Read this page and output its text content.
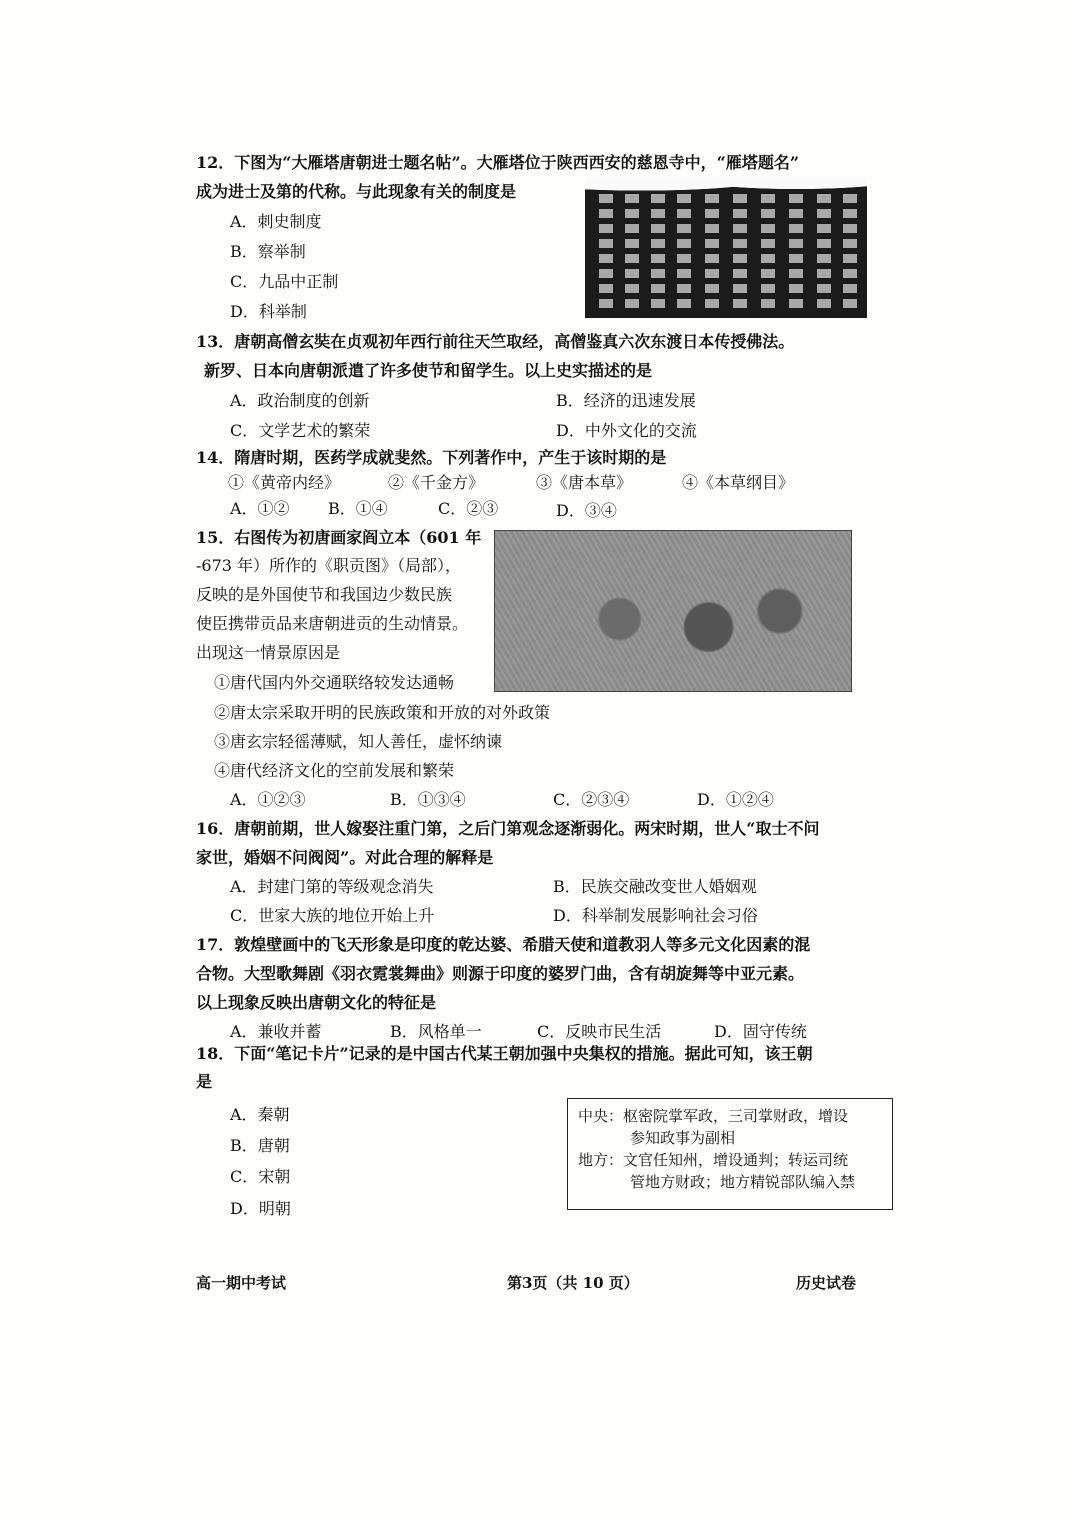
12．下图为“大雁塔唐朝进士题名帖”。大雁塔位于陕西西安的慈恩寺中，“雁塔题名”
成为进士及第的代称。与此现象有关的制度是
A．刺史制度
B．察举制
C．九品中正制
D．科举制
13．唐朝高僧玄奘在贞观初年西行前往天竺取经，高僧鉴真六次东渡日本传授佛法。
新罗、日本向唐朝派遣了许多使节和留学生。以上史实描述的是
A．政治制度的创新	B．经济的迅速发展
C．文学艺术的繁荣	D．中外文化的交流
14．隋唐时期，医药学成就斐然。下列著作中，产生于该时期的是
①《黄帝内经》	②《千金方》	③《唐本草》	④《本草纲目》
A．①② B．①④	C．②③	D．③④
15．右图传为初唐画家阎立本（601 年
-673 年）所作的《职贡图》（局部），
反映的是外国使节和我国边少数民族
使臣携带贡品来唐朝进贡的生动情景。
出现这一情景原因是
①唐代国内外交通联络较发达通畅
②唐太宗采取开明的民族政策和开放的对外政策
③唐玄宗轻徭薄赋，知人善任，虚怀纳谏
④唐代经济文化的空前发展和繁荣
A．①②③	B．①③④	C．②③④	D．①②④
16．唐朝前期，世人嫁娶注重门第，之后门第观念逐渐弱化。两宋时期，世人“取士不问
家世，婚姻不问阀阅”。对此合理的解释是
A．封建门第的等级观念消失	B．民族交融改变世人婚姻观
C．世家大族的地位开始上升	D．科举制发展影响社会习俗
17．敦煌壁画中的飞天形象是印度的乾达婆、希腊天使和道教羽人等多元文化因素的混
合物。大型歌舞剧《羽衣霓裳舞曲》则源于印度的婆罗门曲，含有胡旋舞等中亚元素。
以上现象反映出唐朝文化的特征是
A．兼收并蓄	B．风格单一	C．反映市民生活	D．固守传统
18．下面“笔记卡片”记录的是中国古代某王朝加强中央集权的措施。据此可知，该王朝
是
A．秦朝
B．唐朝
C．宋朝
D．明朝
中央：枢密院掌军政，三司掌财政，增设
参知政事为副相
地方：文官任知州，增设通判；转运司统
管地方财政；地方精锐部队编入禁
高一期中考试	第3页（共 10 页）	历史试卷
